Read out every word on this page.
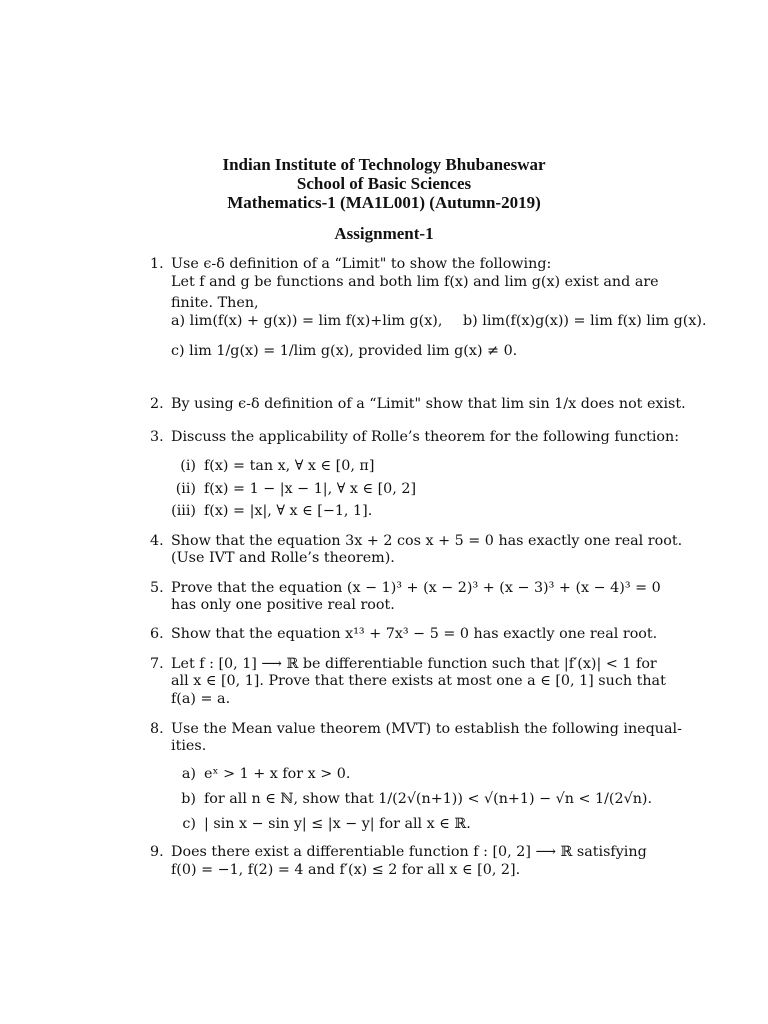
Indian Institute of Technology Bhubaneswar
School of Basic Sciences
Mathematics-1 (MA1L001) (Autumn-2019)
Assignment-1
1. Use ϵ-δ definition of a “Limit" to show the following:
Let f and g be functions and both lim f(x) and lim g(x) exist and are
finite. Then,
a) lim(f(x) + g(x)) = lim f(x)+lim g(x), b) lim(f(x)g(x)) = lim f(x) lim g(x).
c) lim 1/g(x) = 1/lim g(x), provided lim g(x) ≠ 0.
2. By using ϵ-δ definition of a “Limit" show that lim sin 1/x does not exist.
3. Discuss the applicability of Rolle’s theorem for the following function:
(i) f(x) = tan x, ∀ x ∈ [0, π]
(ii) f(x) = 1 − |x − 1|, ∀ x ∈ [0, 2]
(iii) f(x) = |x|, ∀ x ∈ [−1, 1].
4. Show that the equation 3x + 2 cos x + 5 = 0 has exactly one real root.
(Use IVT and Rolle’s theorem).
5. Prove that the equation (x − 1)³ + (x − 2)³ + (x − 3)³ + (x − 4)³ = 0
has only one positive real root.
6. Show that the equation x¹³ + 7x³ − 5 = 0 has exactly one real root.
7. Let f : [0, 1] ⟶ ℝ be differentiable function such that |f′(x)| < 1 for
all x ∈ [0, 1]. Prove that there exists at most one a ∈ [0, 1] such that
f(a) = a.
8. Use the Mean value theorem (MVT) to establish the following inequal-
ities.
a) eˣ > 1 + x for x > 0.
b) for all n ∈ ℕ, show that 1/(2√(n+1)) < √(n+1) − √n < 1/(2√n).
c) | sin x − sin y| ≤ |x − y| for all x ∈ ℝ.
9. Does there exist a differentiable function f : [0, 2] ⟶ ℝ satisfying
f(0) = −1, f(2) = 4 and f′(x) ≤ 2 for all x ∈ [0, 2].
